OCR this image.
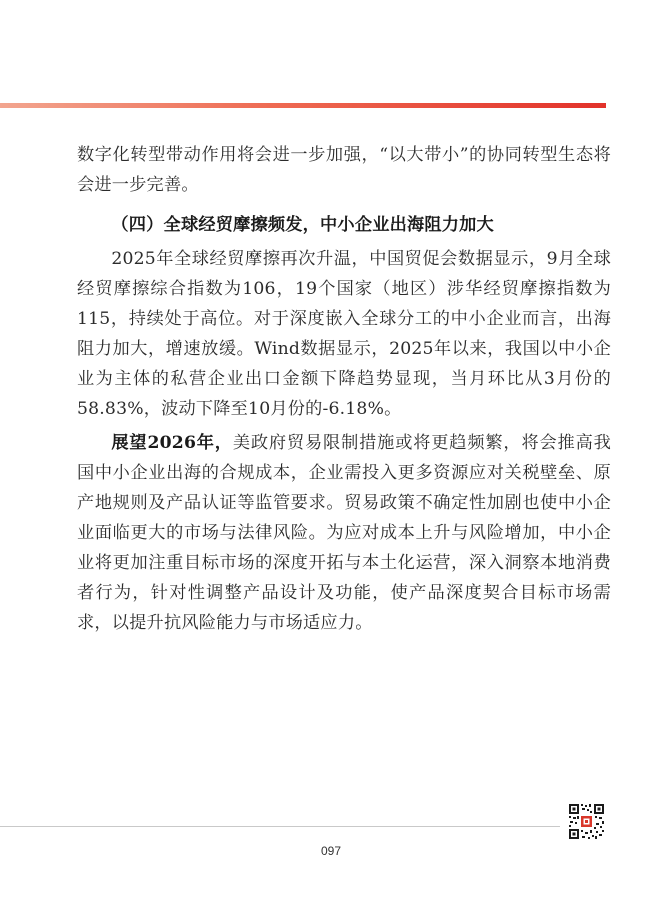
数字化转型带动作用将会进一步加强，“以大带小”的协同转型生态将会进一步完善。

（四）全球经贸摩擦频发，中小企业出海阻力加大

2025年全球经贸摩擦再次升温，中国贸促会数据显示，9月全球经贸摩擦综合指数为106，19个国家（地区）涉华经贸摩擦指数为115，持续处于高位。对于深度嵌入全球分工的中小企业而言，出海阻力加大，增速放缓。Wind数据显示，2025年以来，我国以中小企业为主体的私营企业出口金额下降趋势显现，当月环比从3月份的58.83%，波动下降至10月份的-6.18%。

展望2026年，美政府贸易限制措施或将更趋频繁，将会推高我国中小企业出海的合规成本，企业需投入更多资源应对关税壁垒、原产地规则及产品认证等监管要求。贸易政策不确定性加剧也使中小企业面临更大的市场与法律风险。为应对成本上升与风险增加，中小企业将更加注重目标市场的深度开拓与本土化运营，深入洞察本地消费者行为，针对性调整产品设计及功能，使产品深度契合目标市场需求，以提升抗风险能力与市场适应力。

097
